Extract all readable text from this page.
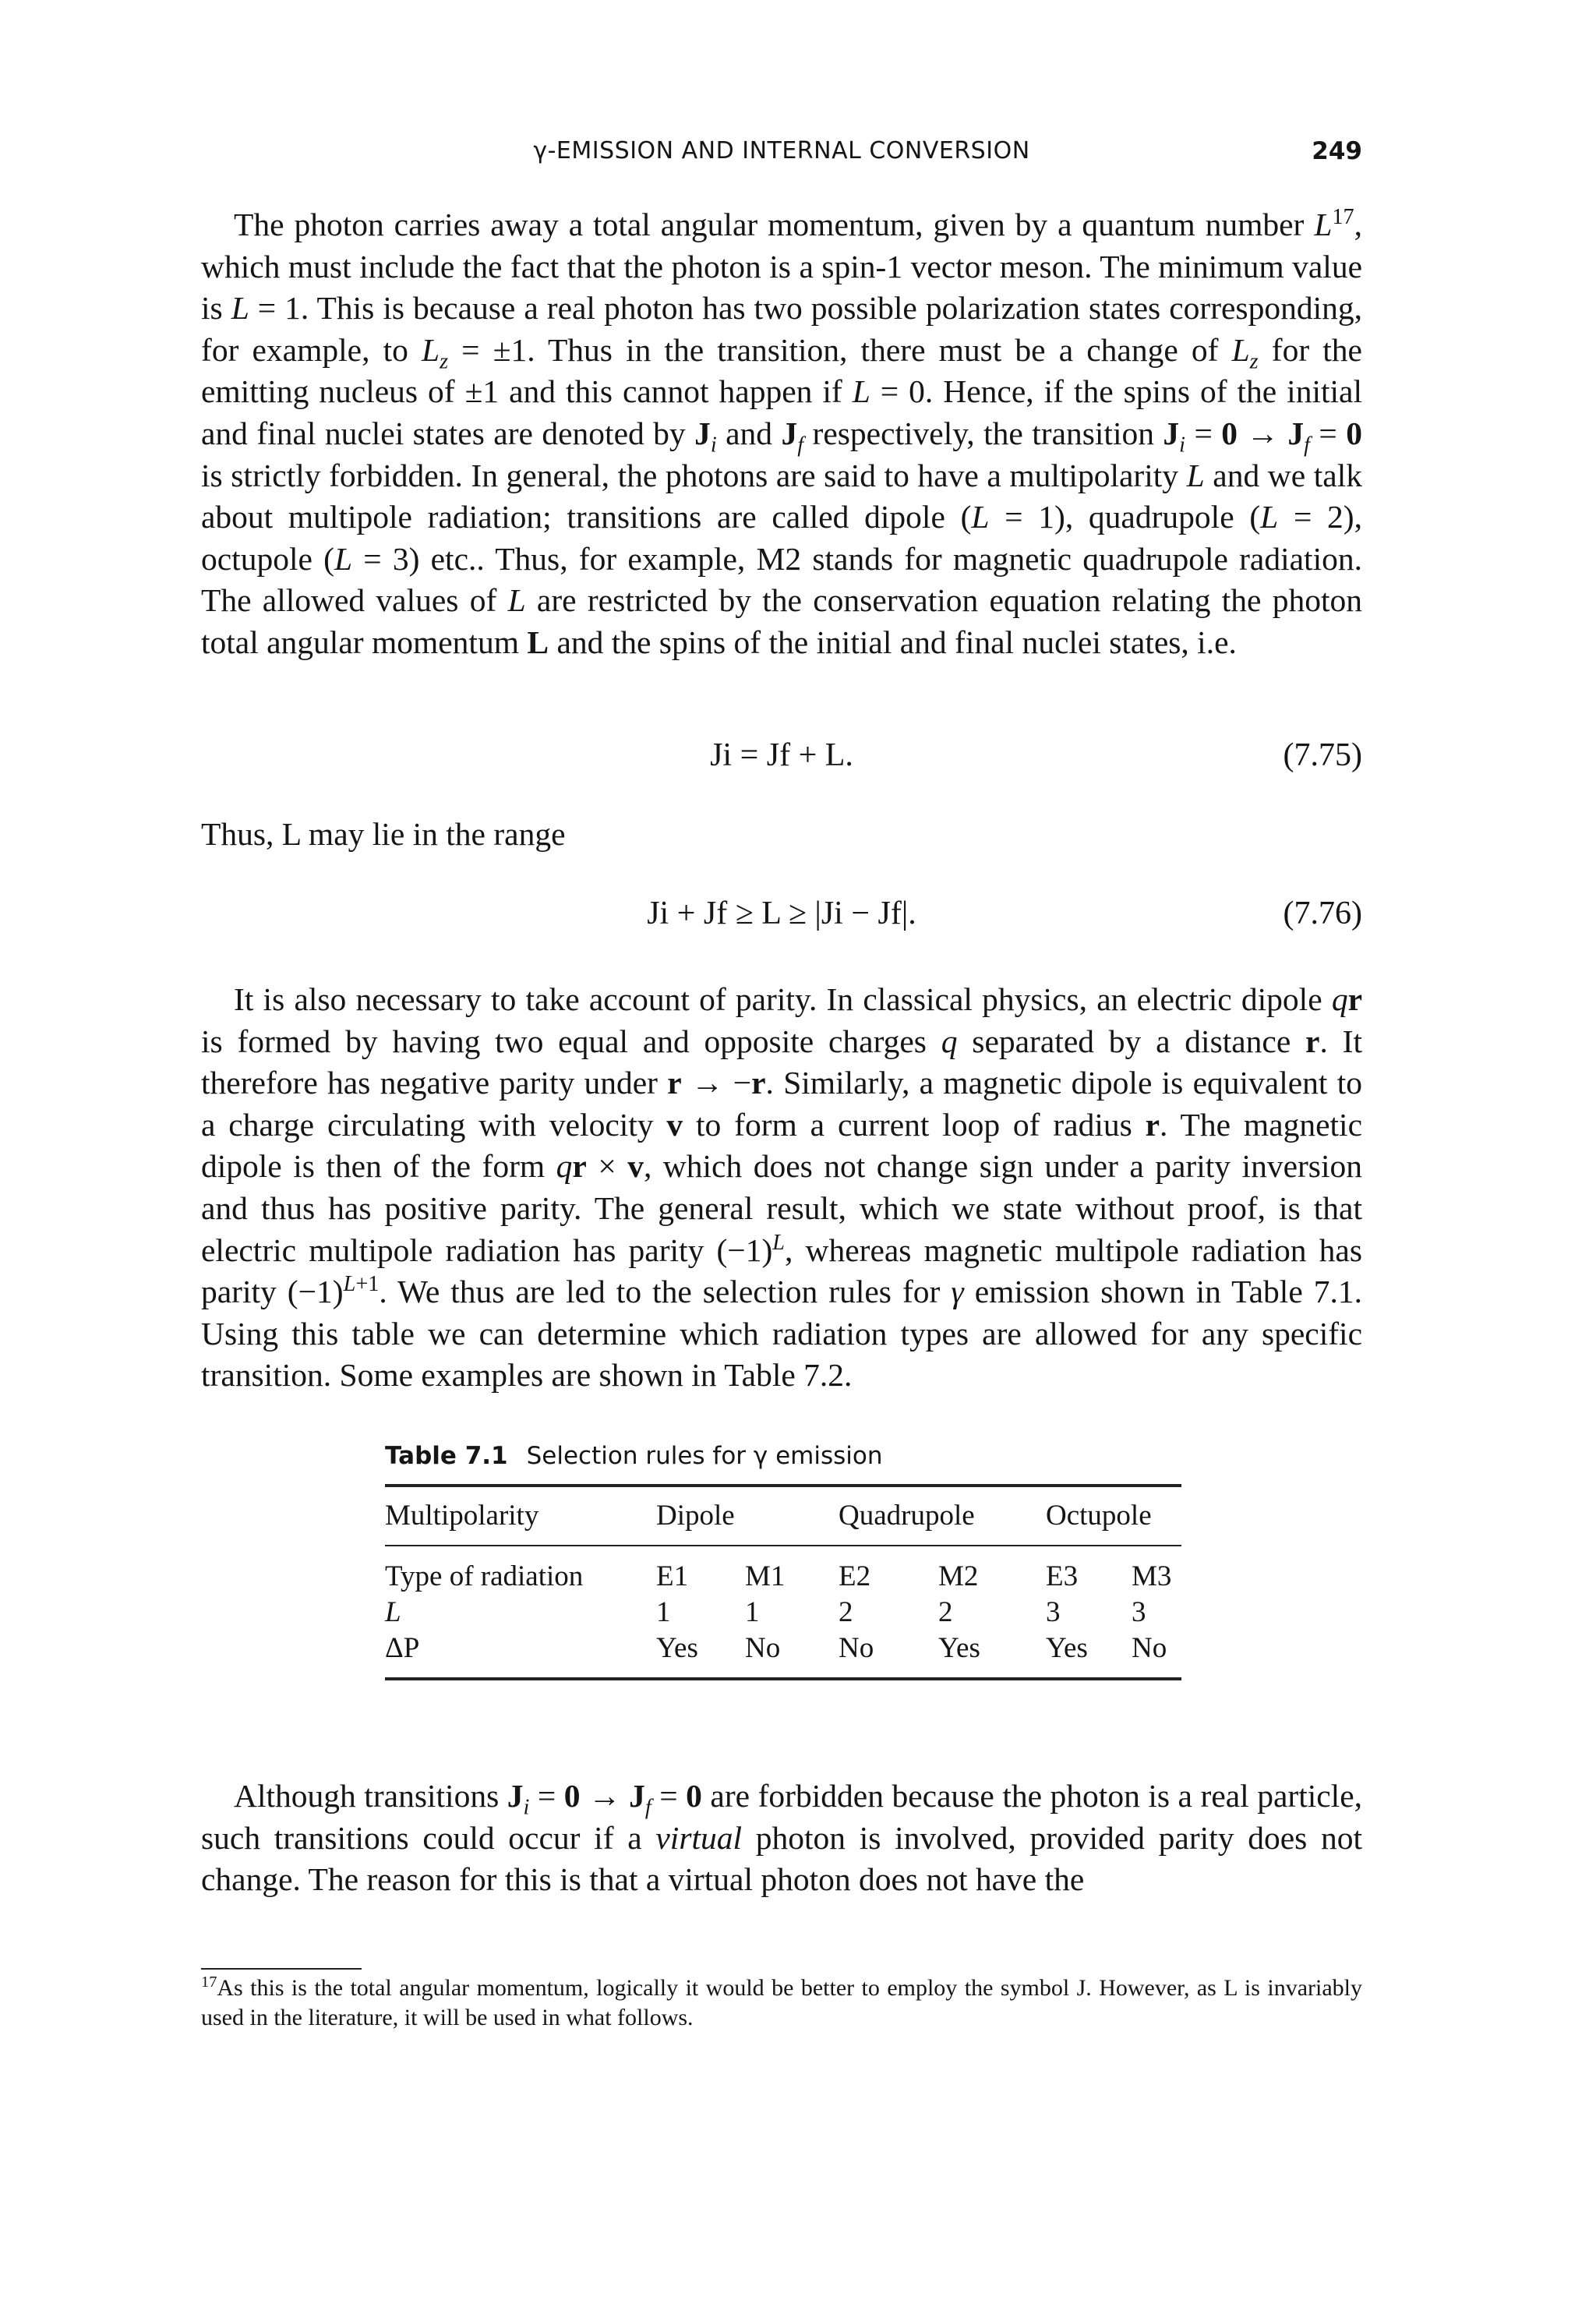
γ-EMISSION AND INTERNAL CONVERSION	249
The photon carries away a total angular momentum, given by a quantum number $L^{17}$, which must include the fact that the photon is a spin-1 vector meson. The minimum value is L = 1. This is because a real photon has two possible polarization states corresponding, for example, to $L_z = \pm 1$. Thus in the transition, there must be a change of $L_z$ for the emitting nucleus of ±1 and this cannot happen if L = 0. Hence, if the spins of the initial and final nuclei states are denoted by $J_i$ and $J_f$ respectively, the transition $J_i = 0 \to J_f = 0$ is strictly forbidden. In general, the photons are said to have a multipolarity L and we talk about multipole radiation; transitions are called dipole (L = 1), quadrupole (L = 2), octupole (L = 3) etc.. Thus, for example, M2 stands for magnetic quadrupole radiation. The allowed values of L are restricted by the conservation equation relating the photon total angular momentum L and the spins of the initial and final nuclei states, i.e.
Ji = Jf + L.	(7.75)
Thus, L may lie in the range
Ji + Jf ≥ L ≥ |Ji − Jf|.	(7.76)
It is also necessary to take account of parity. In classical physics, an electric dipole qr is formed by having two equal and opposite charges q separated by a distance r. It therefore has negative parity under r → −r. Similarly, a magnetic dipole is equivalent to a charge circulating with velocity v to form a current loop of radius r. The magnetic dipole is then of the form qr × v, which does not change sign under a parity inversion and thus has positive parity. The general result, which we state without proof, is that electric multipole radiation has parity $(-1)^L$, whereas magnetic multipole radiation has parity $(-1)^{L+1}$. We thus are led to the selection rules for γ emission shown in Table 7.1. Using this table we can determine which radiation types are allowed for any specific transition. Some examples are shown in Table 7.2.
Table 7.1 Selection rules for γ emission
Multipolarity	Dipole		Quadrupole		Octupole	
Type of radiation	E1	M1	E2	M2	E3	M3
L	1	1	2	2	3	3
ΔP	Yes	No	No	Yes	Yes	No
Although transitions $J_i = 0 \to J_f = 0$ are forbidden because the photon is a real particle, such transitions could occur if a virtual photon is involved, provided parity does not change. The reason for this is that a virtual photon does not have the
$^{17}$As this is the total angular momentum, logically it would be better to employ the symbol J. However, as L is invariably used in the literature, it will be used in what follows.
